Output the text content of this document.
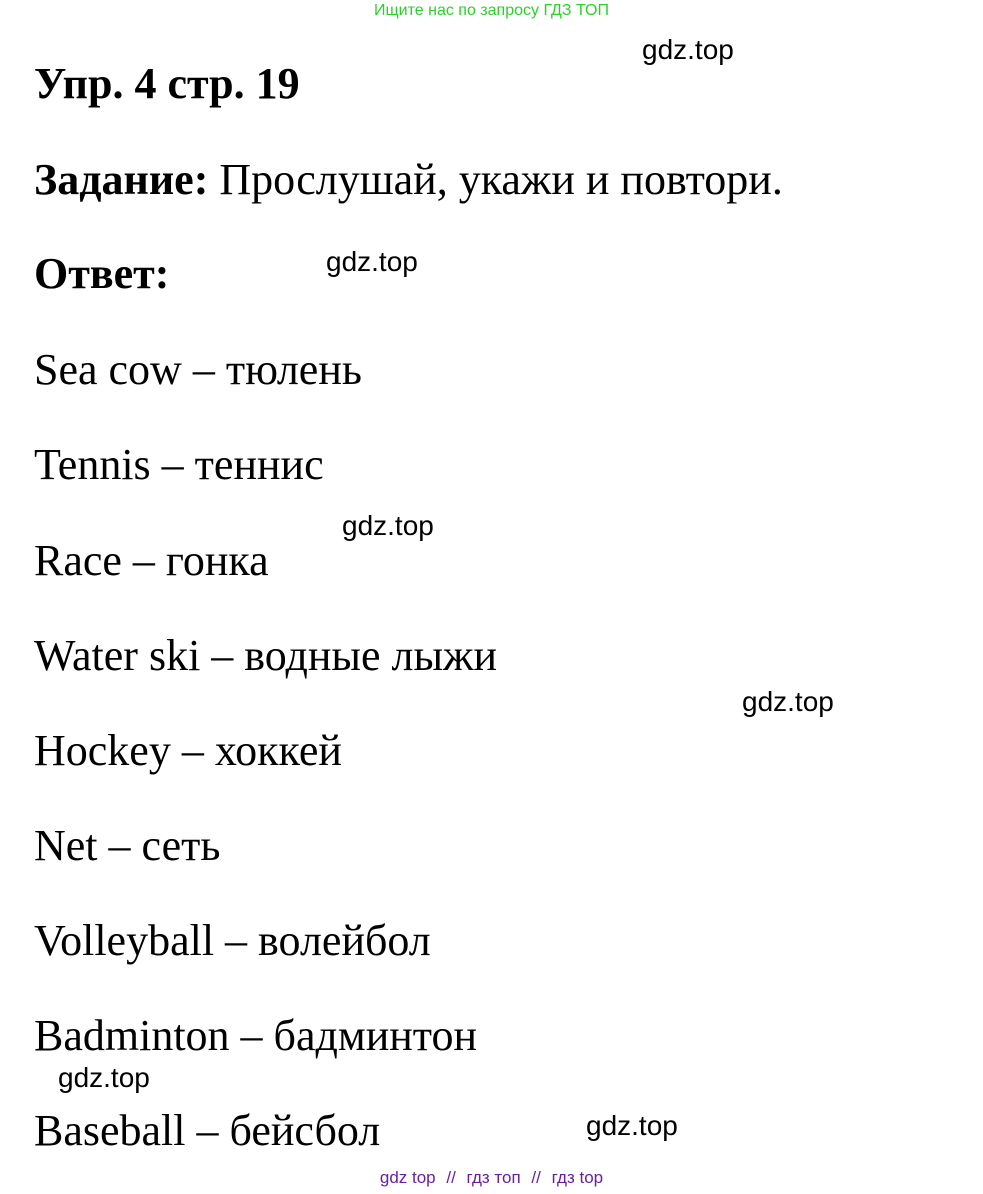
Ищите нас по запросу ГДЗ ТОП
gdz.top
Упр. 4 стр. 19
Задание: Прослушай, укажи и повтори.
Ответ:	gdz.top
Sea cow – тюлень
Tennis – теннис
gdz.top
Race – гонка
Water ski – водные лыжи
gdz.top
Hockey – хоккей
Net – сеть
Volleyball – волейбол
Badminton – бадминтон
gdz.top
Baseball – бейсбол	gdz.top
gdz top // гдз топ // гдз top
